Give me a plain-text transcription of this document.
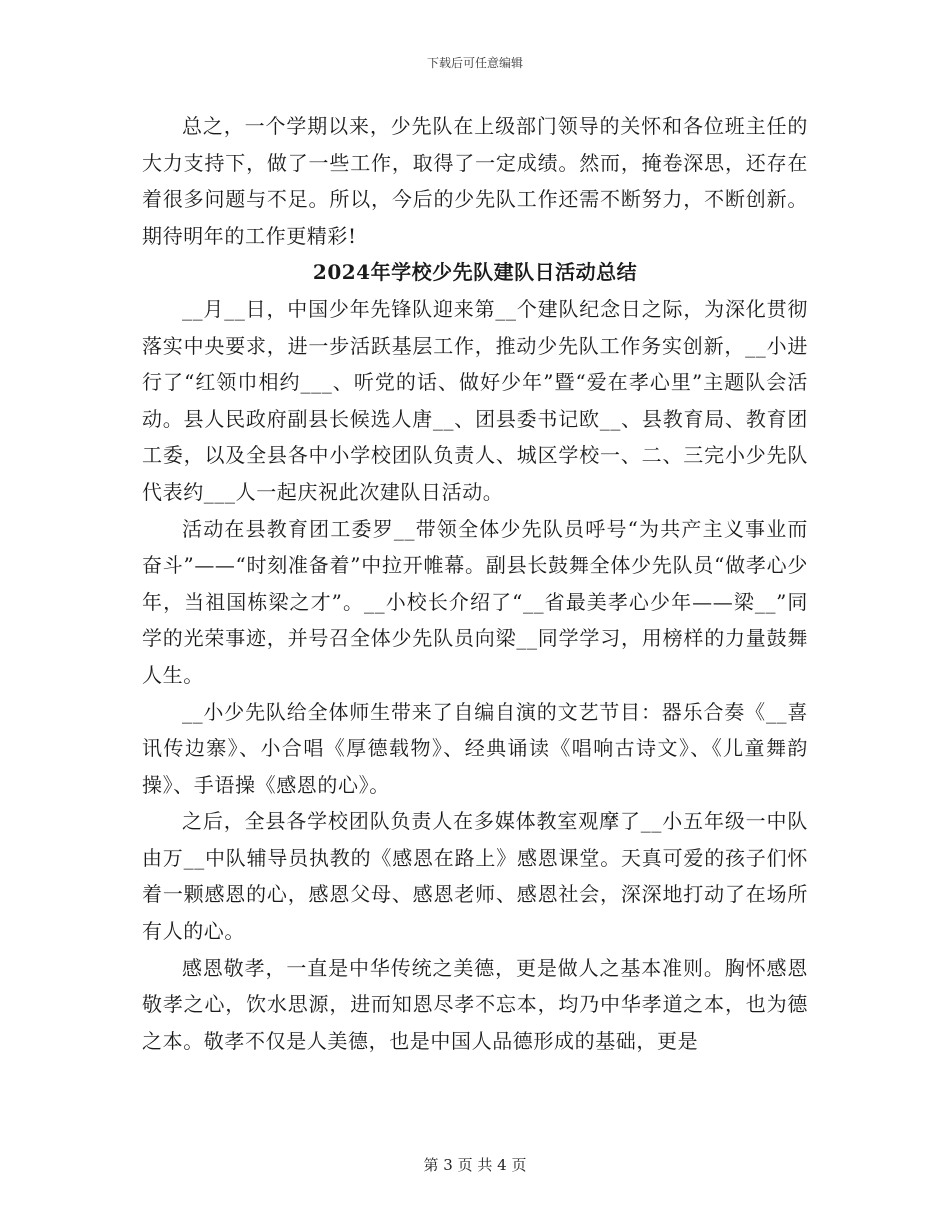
下载后可任意编辑

总之，一个学期以来，少先队在上级部门领导的关怀和各位班主任的大力支持下，做了一些工作，取得了一定成绩。然而，掩卷深思，还存在着很多问题与不足。所以，今后的少先队工作还需不断努力，不断创新。期待明年的工作更精彩!

2024年学校少先队建队日活动总结

__月__日，中国少年先锋队迎来第__个建队纪念日之际，为深化贯彻落实中央要求，进一步活跃基层工作，推动少先队工作务实创新，__小进行了“红领巾相约___、听党的话、做好少年”暨“爱在孝心里”主题队会活动。县人民政府副县长候选人唐__、团县委书记欧__、县教育局、教育团工委，以及全县各中小学校团队负责人、城区学校一、二、三完小少先队代表约___人一起庆祝此次建队日活动。

活动在县教育团工委罗__带领全体少先队员呼号“为共产主义事业而奋斗”——“时刻准备着”中拉开帷幕。副县长鼓舞全体少先队员“做孝心少年，当祖国栋梁之才”。__小校长介绍了“__省最美孝心少年——梁__”同学的光荣事迹，并号召全体少先队员向梁__同学学习，用榜样的力量鼓舞人生。

__小少先队给全体师生带来了自编自演的文艺节目：器乐合奏《__喜讯传边寨》、小合唱《厚德载物》、经典诵读《唱响古诗文》、《儿童舞韵操》、手语操《感恩的心》。

之后，全县各学校团队负责人在多媒体教室观摩了__小五年级一中队由万__中队辅导员执教的《感恩在路上》感恩课堂。天真可爱的孩子们怀着一颗感恩的心，感恩父母、感恩老师、感恩社会，深深地打动了在场所有人的心。

感恩敬孝，一直是中华传统之美德，更是做人之基本准则。胸怀感恩敬孝之心，饮水思源，进而知恩尽孝不忘本，均乃中华孝道之本，也为德之本。敬孝不仅是人美德，也是中国人品德形成的基础，更是

第 3 页 共 4 页
